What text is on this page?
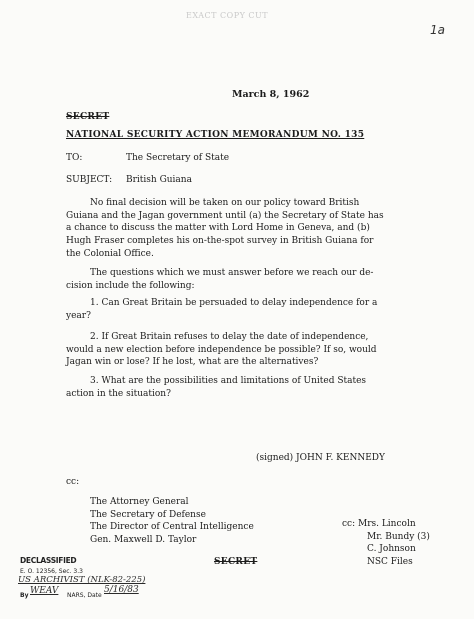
EXACT COPY CUT
1a
March 8, 1962
SECRET
NATIONAL SECURITY ACTION MEMORANDUM NO. 135
TO:	The Secretary of State
SUBJECT: British Guiana
No final decision will be taken on our policy toward British
Guiana and the Jagan government until (a) the Secretary of State has
a chance to discuss the matter with Lord Home in Geneva, and (b)
Hugh Fraser completes his on-the-spot survey in British Guiana for
the Colonial Office.
The questions which we must answer before we reach our de-
cision include the following:
1. Can Great Britain be persuaded to delay independence for a
year?
2. If Great Britain refuses to delay the date of independence,
would a new election before independence be possible? If so, would
Jagan win or lose? If he lost, what are the alternatives?
3. What are the possibilities and limitations of United States
action in the situation?
(signed) JOHN F. KENNEDY
cc:
The Attorney General
The Secretary of Defense
The Director of Central Intelligence
Gen. Maxwell D. Taylor
cc: Mrs. Lincoln
Mr. Bundy (3)
C. Johnson
NSC Files
SECRET
DECLASSIFIED
E. O. 12356, Sec. 3.3
US ARCHIVIST (NLK-82-225)
By WEAV NARS, Date
5/16/83
